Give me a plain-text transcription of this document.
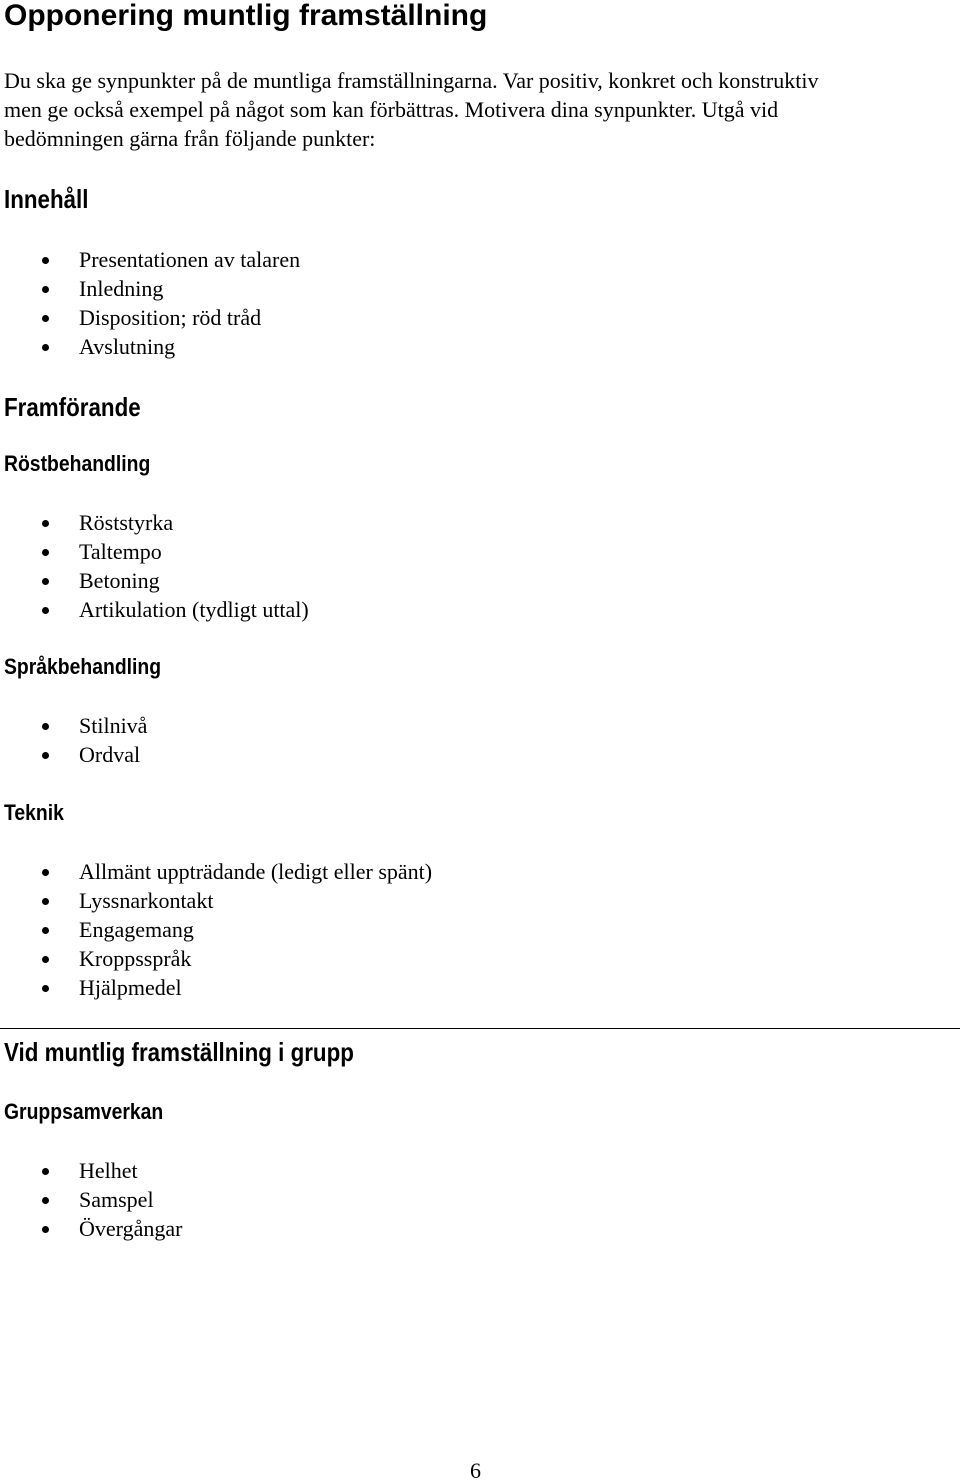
Opponering muntlig framställning

Du ska ge synpunkter på de muntliga framställningarna. Var positiv, konkret och konstruktiv
men ge också exempel på något som kan förbättras. Motivera dina synpunkter. Utgå vid
bedömningen gärna från följande punkter:

Innehåll
Presentationen av talaren
Inledning
Disposition; röd tråd
Avslutning
Framförande
Röstbehandling
Röststyrka
Taltempo
Betoning
Artikulation (tydligt uttal)
Språkbehandling
Stilnivå
Ordval
Teknik
Allmänt uppträdande (ledigt eller spänt)
Lyssnarkontakt
Engagemang
Kroppsspråk
Hjälpmedel
Vid muntlig framställning i grupp
Gruppsamverkan
Helhet
Samspel
Övergångar
6
